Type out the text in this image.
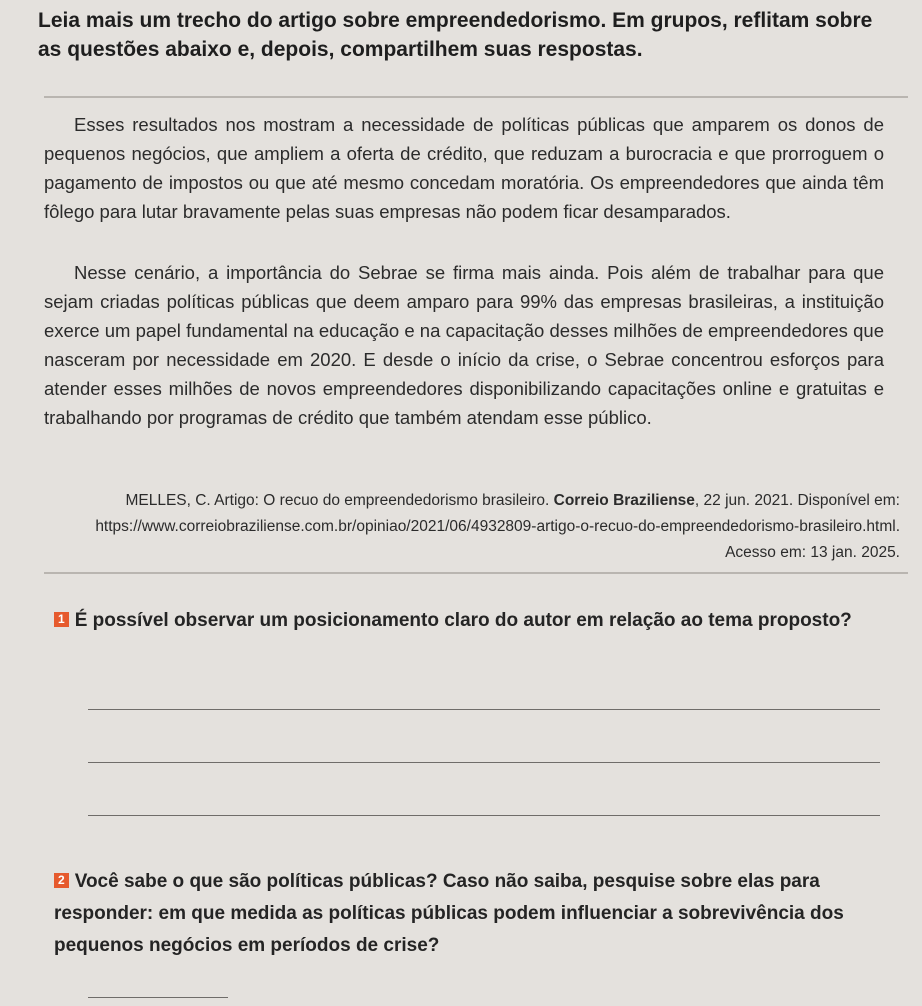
Leia mais um trecho do artigo sobre empreendedorismo. Em grupos, reflitam sobre as questões abaixo e, depois, compartilhem suas respostas.
Esses resultados nos mostram a necessidade de políticas públicas que amparem os donos de pequenos negócios, que ampliem a oferta de crédito, que reduzam a burocracia e que prorroguem o pagamento de impostos ou que até mesmo concedam moratória. Os empreendedores que ainda têm fôlego para lutar bravamente pelas suas empresas não podem ficar desamparados.
Nesse cenário, a importância do Sebrae se firma mais ainda. Pois além de trabalhar para que sejam criadas políticas públicas que deem amparo para 99% das empresas brasileiras, a instituição exerce um papel fundamental na educação e na capacitação desses milhões de empreendedores que nasceram por necessidade em 2020. E desde o início da crise, o Sebrae concentrou esforços para atender esses milhões de novos empreendedores disponibilizando capacitações online e gratuitas e trabalhando por programas de crédito que também atendam esse público.
MELLES, C. Artigo: O recuo do empreendedorismo brasileiro. Correio Braziliense, 22 jun. 2021. Disponível em: https://www.correiobraziliense.com.br/opiniao/2021/06/4932809-artigo-o-recuo-do-empreendedorismo-brasileiro.html. Acesso em: 13 jan. 2025.
1 É possível observar um posicionamento claro do autor em relação ao tema proposto?
2 Você sabe o que são políticas públicas? Caso não saiba, pesquise sobre elas para responder: em que medida as políticas públicas podem influenciar a sobrevivência dos pequenos negócios em períodos de crise?
